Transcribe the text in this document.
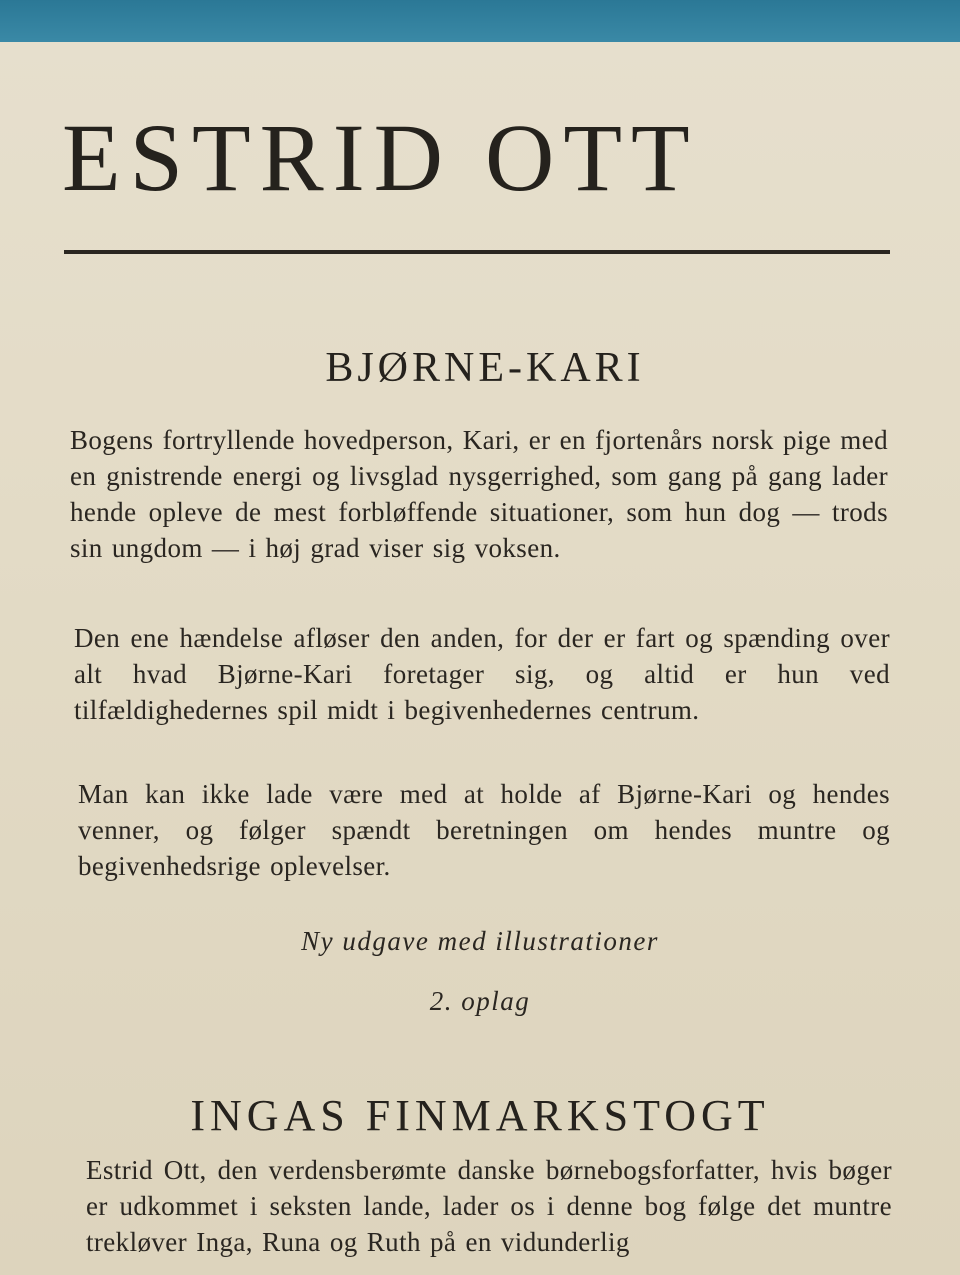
ESTRID OTT
BJØRNE-KARI

Bogens fortryllende hovedperson, Kari, er en fjortenårs norsk pige med en gnistrende energi og livsglad nysgerrighed, som gang på gang lader hende opleve de mest forbløffende situationer, som hun dog — trods sin ungdom — i høj grad viser sig voksen.

Den ene hændelse afløser den anden, for der er fart og spænding over alt hvad Bjørne-Kari foretager sig, og altid er hun ved tilfældighedernes spil midt i begivenhedernes centrum.

Man kan ikke lade være med at holde af Bjørne-Kari og hendes venner, og følger spændt beretningen om hendes muntre og begivenhedsrige oplevelser.

Ny udgave med illustrationer
2. oplag
INGAS FINMARKSTOGT

Estrid Ott, den verdensberømte danske børnebogsforfatter, hvis bøger er udkommet i seksten lande, lader os i denne bog følge det muntre trekløver Inga, Runa og Ruth på en vidunderlig
